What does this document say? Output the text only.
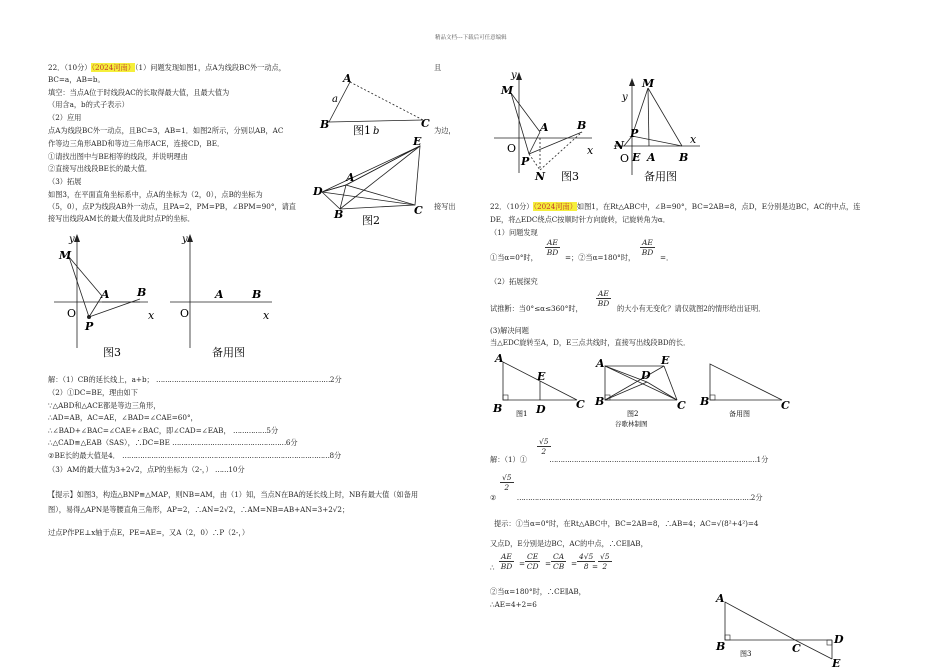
精品文档---下载后可任意编辑
22．（10分）（2024河南）（1）问题发现如图1，点A为线段BC外一动点，	且
BC=a，AB=b。
填空：当点A位于时线段AC的长取得最大值，且最大值为
（用含a，b的式子表示）
（2）应用
点A为线段BC外一动点，且BC=3，AB=1．如图2所示，分别以AB，AC
作等边三角形ABD和等边三角形ACE，连接CD，BE．
①请找出图中与BE相等的线段，并说明理由
②直接写出线段BE长的最大值．
（3）拓展
如图3，在平面直角坐标系中，点A的坐标为（2，0），点B的坐标为
（5，0），点P为线段AB外一动点，且PA=2，PM=PB，∠BPM=90°，请直
接写出线段AM长的最大值及此时点P的坐标．
为边，
接写出
A
a
B	C
图1 b
E
A
D
B	C
图2
y
x
O
M
A B
P
图3
y
x
O
A	B
备用图
解：（1）CB的延长线上，a+b； ……………………………………………………………………2分
（2）①DC=BE，理由如下
∵△ABD和△ACE都是等边三角形，
∴AD=AB，AC=AE，∠BAD=∠CAE=60°，
∴∠BAD+∠BAC=∠CAE+∠BAC，即∠CAD=∠EAB， ……………5分
∴△CAD≌△EAB（SAS），∴DC=BE ……………………………………………6分
②BE长的最大值是4． …………………………………………………………………………………8分
（3）AM的最大值为3+2√2，点P的坐标为（2-，） ……10分
【提示】如图3，构造△BNP≌△MAP，则NB=AM，由（1）知，当点N在BA的延长线上时，NB有最大值（如备用
图），易得△APN是等腰直角三角形，AP=2，∴AN=2√2，∴AM=NB=AB+AN=3+2√2；
过点P作PE⊥x轴于点E，PE=AE=，又A（2，0）∴P（2-，）
y
x
O
M
A	B
P
N 图3
y
x
O
M
P
N
E A B
备用图
22．（10分）（2024河南）如图1，在Rt△ABC中，∠B=90°，BC=2AB=8，点D，E分别是边BC，AC的中点，连
DE，将△EDC绕点C按顺时针方向旋转，记旋转角为α．
（1）问题发现
①当α=0°时，
$\frac{AE}{BD}$
=；②当α=180°时，
$\frac{AE}{BD}$
=．
（2）拓展探究
试推断：当0°≤α≤360°时，
$\frac{AE}{BD}$
的大小有无变化？请仅就图2的情形给出证明．
(3)解决问题
当△EDC旋转至A，D，E三点共线时，直接写出线段BD的长．
A
E
B	D	C
图1
A	E
D
B	C
图2
谷歌林制图
B	C
备用图
$\frac{√5}{2}$
解：（1）①	…………………………………………………………………………………1分
$\frac{√5}{2}$
②	……………………………………………………………………………………………2分
提示：①当α=0°时，在Rt△ABC中，BC=2AB=8，∴AB=4；AC=√(8²+4²)=4
又点D，E分别是边BC，AC的中点，∴CE∥AB，
∴ $\frac{AE}{BD} = \frac{CE}{CD} = \frac{CA}{CB} = \frac{4√5}{8}$
= $\frac{√5}{2}$
②当α=180°时，∴CE∥AB，
∴AE=4+2=6	A
B	C
D
E
图3
